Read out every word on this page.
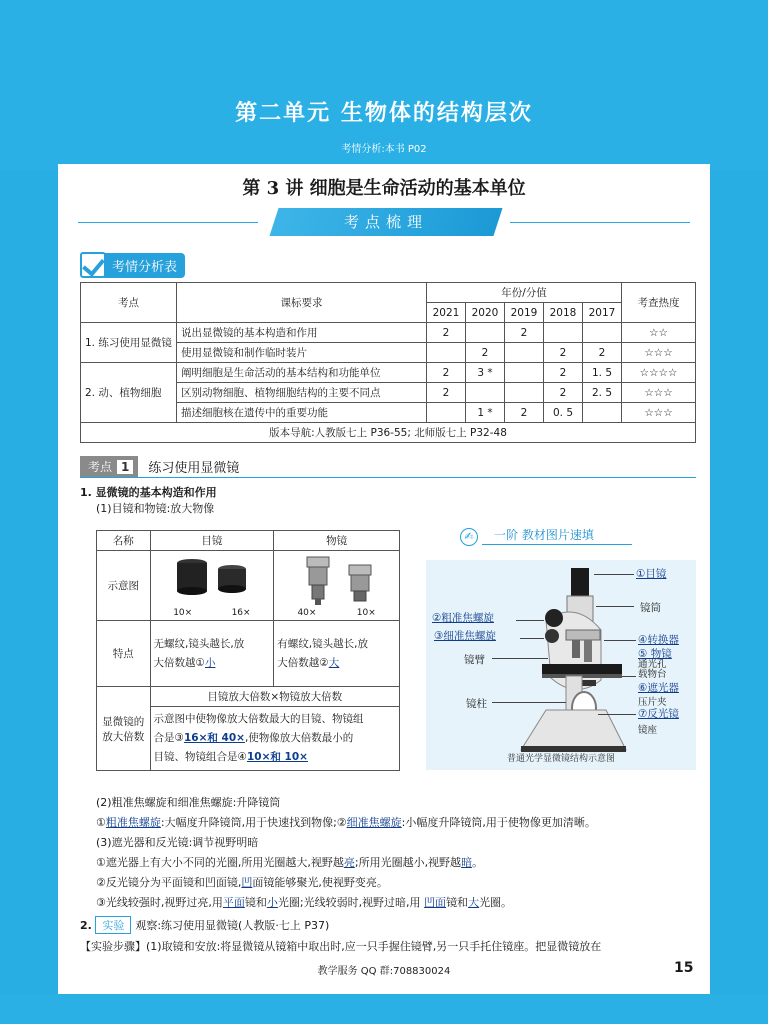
第二单元 生物体的结构层次
考情分析:本书 P02
第 3 讲 细胞是生命活动的基本单位
考点梳理
考情分析表
考点	课标要求	年份/分值					考查热度
		2021	2020	2019	2018	2017	
1. 练习使用显微镜	说出显微镜的基本构造和作用	2		2			☆☆
	使用显微镜和制作临时装片		2		2	2	☆☆☆
2. 动、植物细胞	阐明细胞是生命活动的基本结构和功能单位	2	3 *		2	1. 5	☆☆☆☆
	区别动物细胞、植物细胞结构的主要不同点	2			2	2. 5	☆☆☆
	描述细胞核在遗传中的重要功能		1 *	2	0. 5		☆☆☆
版本导航:人教版七上 P36-55; 北师版七上 P32-48							
考点 1	练习使用显微镜
1. 显微镜的基本构造和作用
(1)目镜和物镜:放大物像
名称	目镜	物镜
示意图	10× 16×	40× 10×

特点	无螺纹,镜头越长,放
大倍数越①小	有螺纹,镜头越长,放
大倍数越②大
显微镜的放大倍数	目镜放大倍数×物镜放大倍数	
	示意图中使物像放大倍数最大的目镜、物镜组
合是③16×和 40×,使物像放大倍数最小的
目镜、物镜组合是④10×和 10×	
✍	一阶 教材图片速填
①目镜
镜筒
②粗准焦螺旋
③细准焦螺旋	④转换器
⑤ 物镜
通光孔
载物台
⑥遮光器
压片夹
⑦反光镜
镜座
镜臂
镜柱
普通光学显微镜结构示意图
(2)粗准焦螺旋和细准焦螺旋:升降镜筒
①粗准焦螺旋:大幅度升降镜筒,用于快速找到物像;②细准焦螺旋:小幅度升降镜筒,用于使物像更加清晰。
(3)遮光器和反光镜:调节视野明暗
①遮光器上有大小不同的光圈,所用光圈越大,视野越亮;所用光圈越小,视野越暗。
②反光镜分为平面镜和凹面镜,凹面镜能够聚光,使视野变亮。
③光线较强时,视野过亮,用平面镜和小光圈;光线较弱时,视野过暗,用 凹面镜和大光圈。
2. 实验 观察:练习使用显微镜(人教版·七上 P37)
【实验步骤】(1)取镜和安放:将显微镜从镜箱中取出时,应一只手握住镜臂,另一只手托住镜座。把显微镜放在
教学服务 QQ 群:708830024	15
